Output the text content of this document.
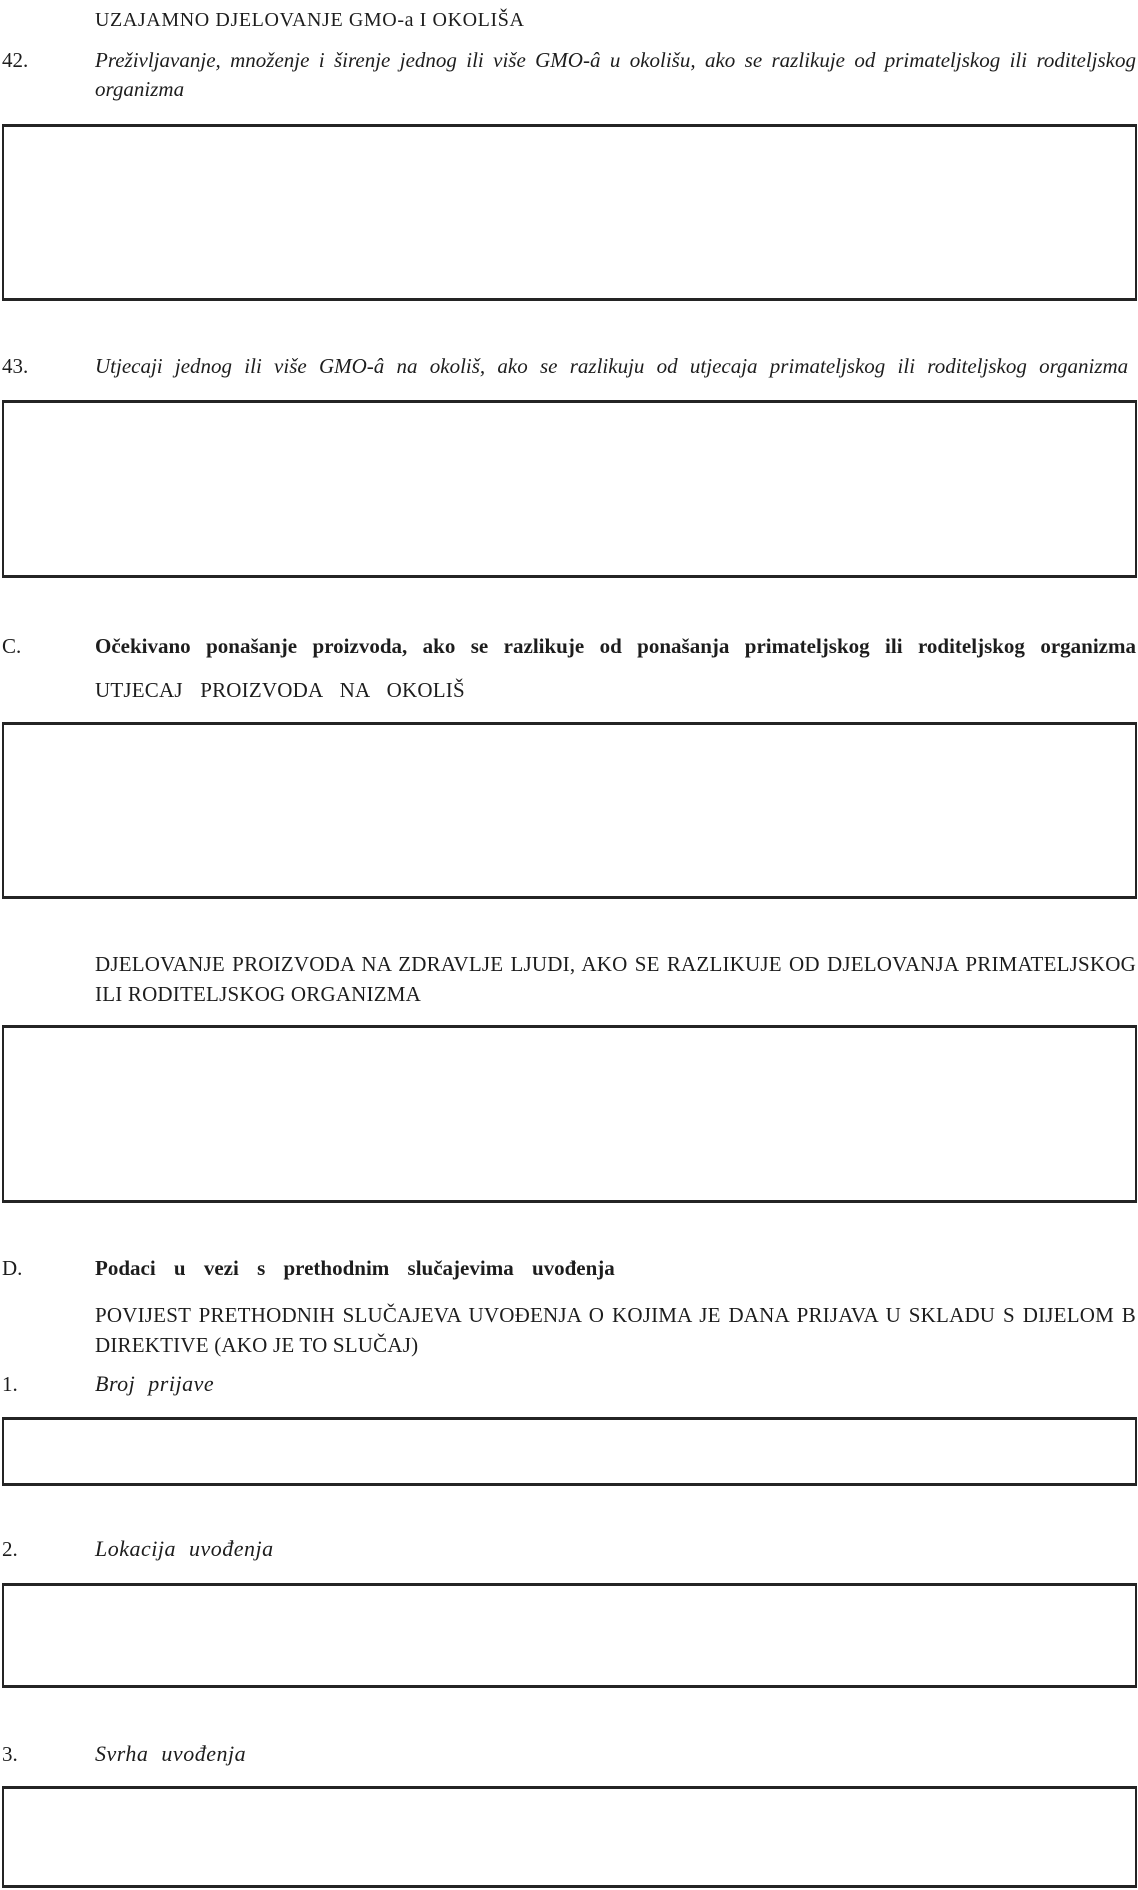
UZAJAMNO DJELOVANJE GMO-a I OKOLIŠA
42.	Preživljavanje, množenje i širenje jednog ili više GMO-â u okolišu, ako se razlikuje od primateljskog ili roditeljskog organizma
43.	Utjecaji jednog ili više GMO-â na okoliš, ako se razlikuju od utjecaja primateljskog ili roditeljskog organizma
C.	Očekivano ponašanje proizvoda, ako se razlikuje od ponašanja primateljskog ili roditeljskog organizma
UTJECAJ PROIZVODA NA OKOLIŠ
DJELOVANJE PROIZVODA NA ZDRAVLJE LJUDI, AKO SE RAZLIKUJE OD DJELOVANJA PRIMATELJSKOG ILI RODITELJSKOG ORGANIZMA
D.	Podaci u vezi s prethodnim slučajevima uvođenja
POVIJEST PRETHODNIH SLUČAJEVA UVOĐENJA O KOJIMA JE DANA PRIJAVA U SKLADU S DIJELOM B DIREKTIVE (AKO JE TO SLUČAJ)
1.	Broj prijave
2.	Lokacija uvođenja
3.	Svrha uvođenja
